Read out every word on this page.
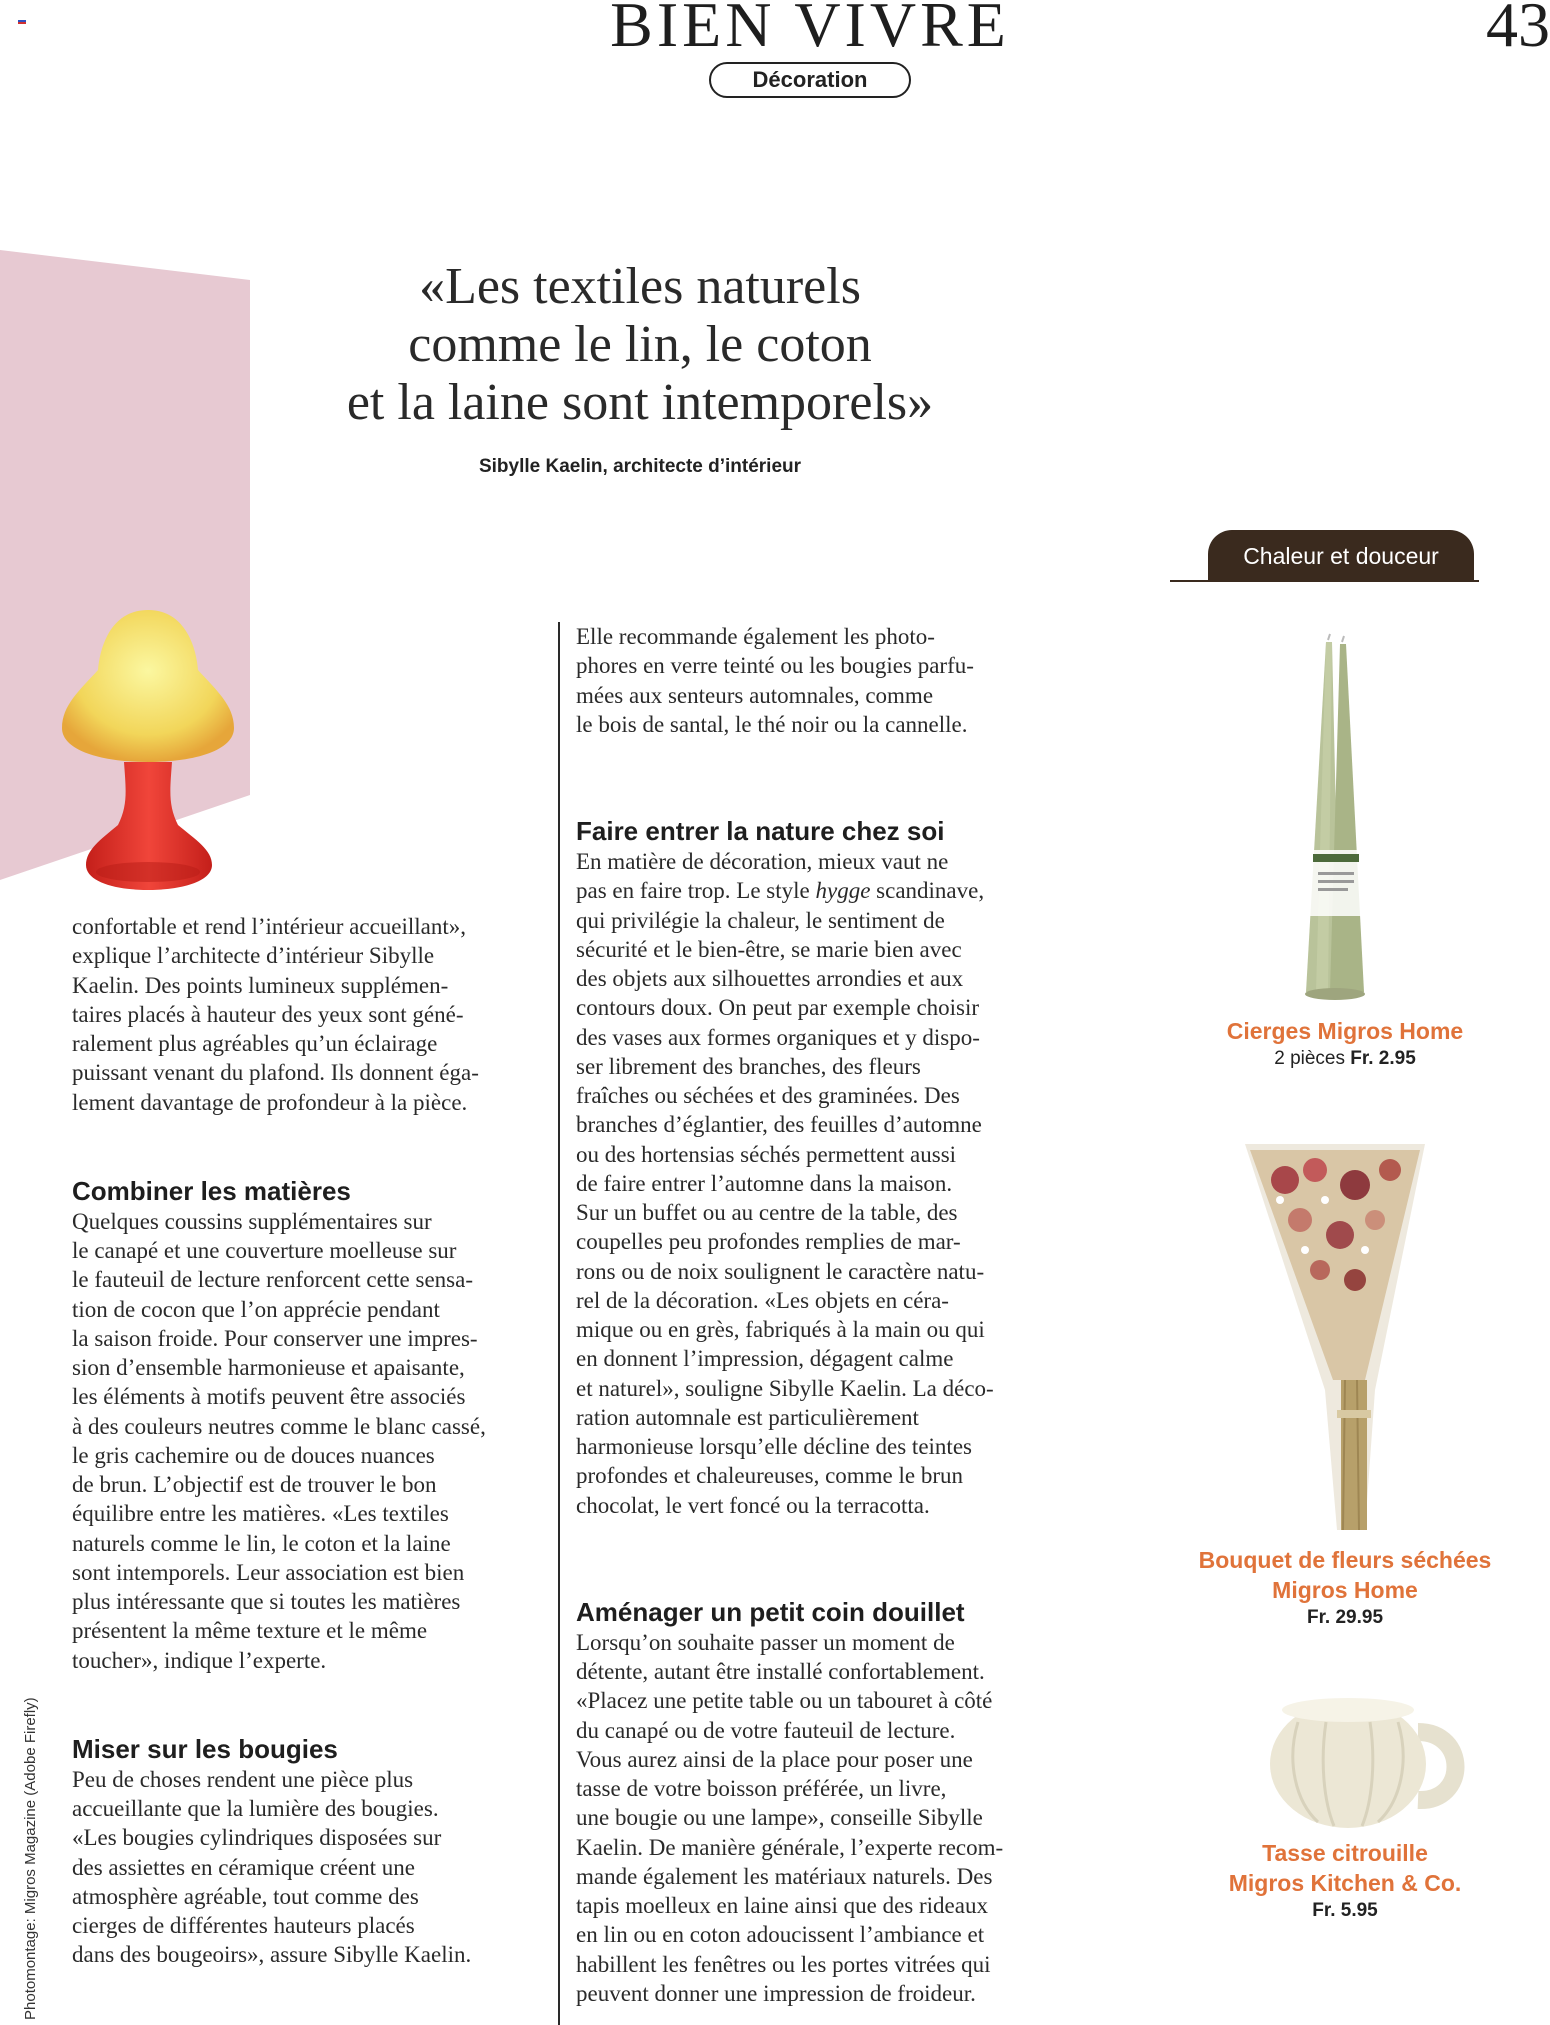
BIEN VIVRE	43
Décoration
«Les textiles naturels
comme le lin, le coton
et la laine sont intemporels»
Sibylle Kaelin, architecte d’intérieur

confortable et rend l’intérieur accueillant»,

explique l’architecte d’intérieur Sibylle

Kaelin. Des points lumineux supplémen-

taires placés à hauteur des yeux sont géné-

ralement plus agréables qu’un éclairage

puissant venant du plafond. Ils donnent éga-

lement davantage de profondeur à la pièce.

Combiner les matières

Quelques coussins supplémentaires sur

le canapé et une couverture moelleuse sur

le fauteuil de lecture renforcent cette sensa-

tion de cocon que l’on apprécie pendant

la saison froide. Pour conserver une impres-

sion d’ensemble harmonieuse et apaisante,

les éléments à motifs peuvent être associés

à des couleurs neutres comme le blanc cassé,

le gris cachemire ou de douces nuances

de brun. L’objectif est de trouver le bon

équilibre entre les matières. «Les textiles

naturels comme le lin, le coton et la laine

sont intemporels. Leur association est bien

plus intéressante que si toutes les matières

présentent la même texture et le même

toucher», indique l’experte.

Miser sur les bougies

Peu de choses rendent une pièce plus

accueillante que la lumière des bougies.

«Les bougies cylindriques disposées sur

des assiettes en céramique créent une

atmosphère agréable, tout comme des

cierges de différentes hauteurs placés

dans des bougeoirs», assure Sibylle Kaelin.

Elle recommande également les photo-

phores en verre teinté ou les bougies parfu-

mées aux senteurs automnales, comme

le bois de santal, le thé noir ou la cannelle.

Faire entrer la nature chez soi

En matière de décoration, mieux vaut ne

pas en faire trop. Le style hygge scandinave,

qui privilégie la chaleur, le sentiment de

sécurité et le bien-être, se marie bien avec

des objets aux silhouettes arrondies et aux

contours doux. On peut par exemple choisir

des vases aux formes organiques et y dispo-

ser librement des branches, des fleurs

fraîches ou séchées et des graminées. Des

branches d’églantier, des feuilles d’automne

ou des hortensias séchés permettent aussi

de faire entrer l’automne dans la maison.

Sur un buffet ou au centre de la table, des

coupelles peu profondes remplies de mar-

rons ou de noix soulignent le caractère natu-

rel de la décoration. «Les objets en céra-

mique ou en grès, fabriqués à la main ou qui

en donnent l’impression, dégagent calme

et naturel», souligne Sibylle Kaelin. La déco-

ration automnale est particulièrement

harmonieuse lorsqu’elle décline des teintes

profondes et chaleureuses, comme le brun

chocolat, le vert foncé ou la terracotta.

Aménager un petit coin douillet

Lorsqu’on souhaite passer un moment de

détente, autant être installé confortablement.

«Placez une petite table ou un tabouret à côté

du canapé ou de votre fauteuil de lecture.

Vous aurez ainsi de la place pour poser une

tasse de votre boisson préférée, un livre,

une bougie ou une lampe», conseille Sibylle

Kaelin. De manière générale, l’experte recom-

mande également les matériaux naturels. Des

tapis moelleux en laine ainsi que des rideaux

en lin ou en coton adoucissent l’ambiance et

habillent les fenêtres ou les portes vitrées qui

peuvent donner une impression de froideur.

Photomontage: Migros Magazine (Adobe Firefly)
Chaleur et douceur
Cierges Migros Home
2 pièces Fr. 2.95
Bouquet de fleurs séchées
Migros Home
Fr. 29.95
Tasse citrouille
Migros Kitchen & Co.
Fr. 5.95
